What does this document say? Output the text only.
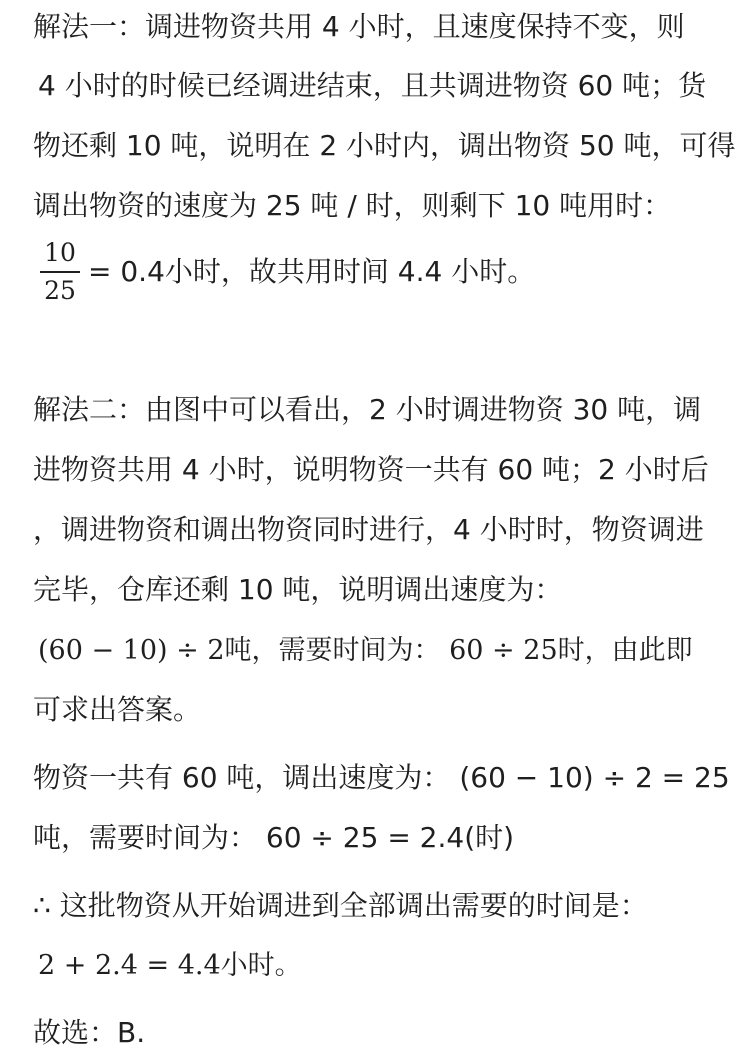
解法一：调进物资共用 4 小时，且速度保持不变，则
4 小时的时候已经调进结束，且共调进物资 60 吨；货
物还剩 10 吨，说明在 2 小时内，调出物资 50 吨，可得
调出物资的速度为 25 吨 / 时，则剩下 10 吨用时：
10
25
= 0.4小时，故共用时间 4.4 小时。
解法二：由图中可以看出，2 小时调进物资 30 吨，调
进物资共用 4 小时，说明物资一共有 60 吨；2 小时后
，调进物资和调出物资同时进行，4 小时时，物资调进
完毕，仓库还剩 10 吨，说明调出速度为：
(60 − 10) ÷ 2吨，需要时间为： 60 ÷ 25时，由此即
可求出答案。
物资一共有 60 吨，调出速度为： (60 − 10) ÷ 2 = 25
吨，需要时间为： 60 ÷ 25 = 2.4(时)
∴ 这批物资从开始调进到全部调出需要的时间是：
2 + 2.4 = 4.4小时。
故选：B.
